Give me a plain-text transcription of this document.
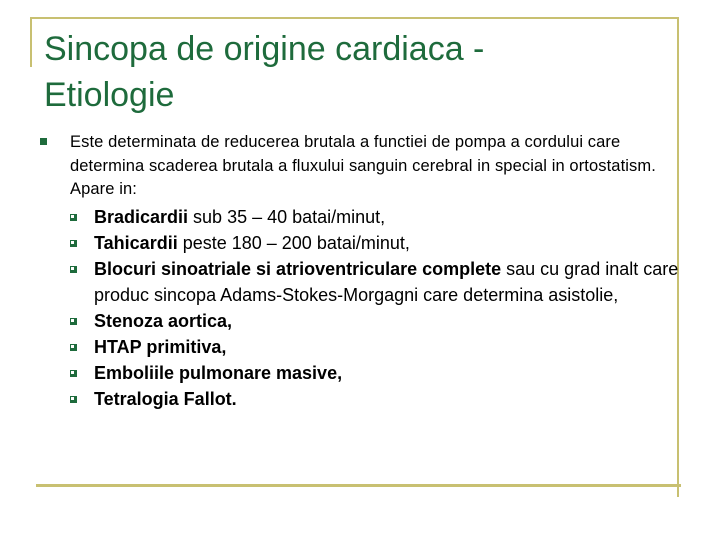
Sincopa de origine cardiaca -
Etiologie
Este determinata de reducerea brutala a functiei de pompa a cordului care determina scaderea brutala a fluxului sanguin cerebral in special in ortostatism. Apare in:
Bradicardii sub 35 – 40 batai/minut,
Tahicardii peste 180 – 200 batai/minut,
Blocuri sinoatriale si atrioventriculare complete sau cu grad inalt care produc sincopa Adams-Stokes-Morgagni care determina asistolie,
Stenoza aortica,
HTAP primitiva,
Emboliile pulmonare masive,
Tetralogia Fallot.
